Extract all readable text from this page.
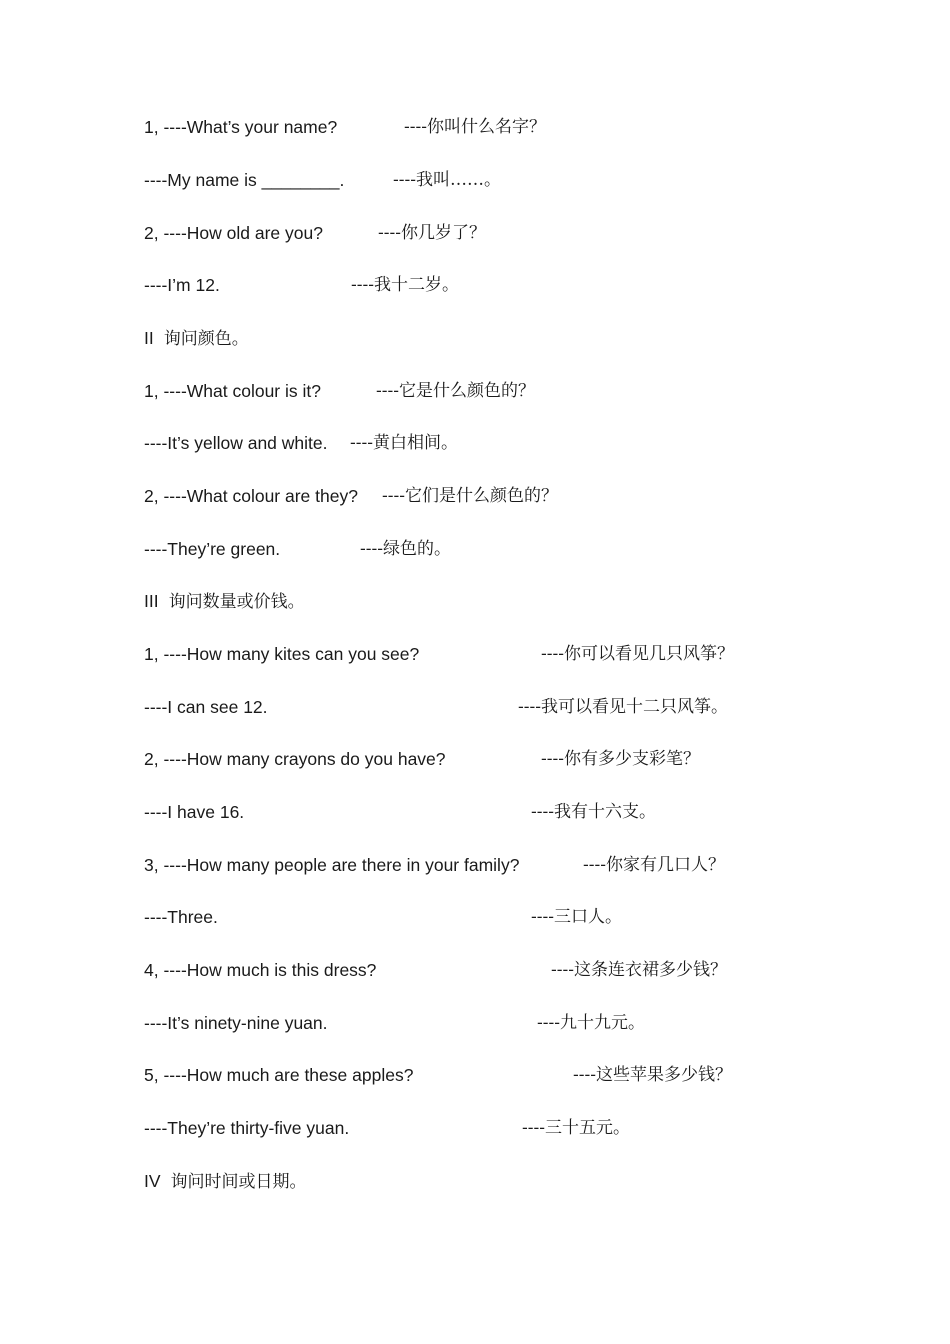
1, ----What’s your name?	----你叫什么名字？
----My name is ________.	----我叫……。
2, ----How old are you?	----你几岁了？
----I’m 12.	----我十二岁。
II 询问颜色。
1, ----What colour is it?	----它是什么颜色的？
----It’s yellow and white. ----黄白相间。
2, ----What colour are they? ----它们是什么颜色的？
----They’re green.	----绿色的。
III 询问数量或价钱。
1, ----How many kites can you see?	----你可以看见几只风筝？
----I can see 12.	----我可以看见十二只风筝。
2, ----How many crayons do you have?	----你有多少支彩笔？
----I have 16.	----我有十六支。
3, ----How many people are there in your family?	----你家有几口人？
----Three.	----三口人。
4, ----How much is this dress?	----这条连衣裙多少钱？
----It’s ninety-nine yuan.	----九十九元。
5, ----How much are these apples?	----这些苹果多少钱？
----They’re thirty-five yuan.	----三十五元。
IV 询问时间或日期。
